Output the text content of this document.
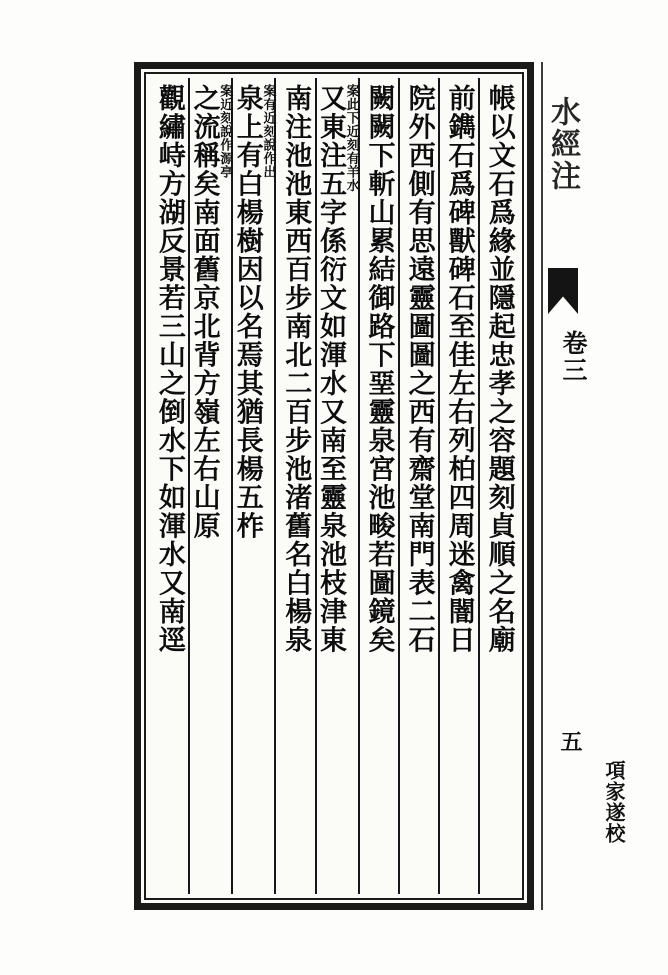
水經注
卷三
五
項家遂校
帳以文石爲緣並隱起忠孝之容題刻貞順之名廟
前鐫石爲碑獸碑石至佳左右列柏四周迷禽闇日
院外西側有思遠靈圖圖之西有齋堂南門表二石
闕闕下斬山累結御路下堊靈泉宮池畯若圖鏡矣
案此下近刻有羊水
又東注五字係衍文如渾水又南至靈泉池枝津東
南注池池東西百步南北二百步池渚舊名白楊泉
案有近刻說作出
泉上有白楊樹因以名焉其猶長楊五柞
案近刻說作源亭
之流稱矣南面舊京北背方嶺左右山原
觀繡峙方湖反景若三山之倒水下如渾水又南逕
